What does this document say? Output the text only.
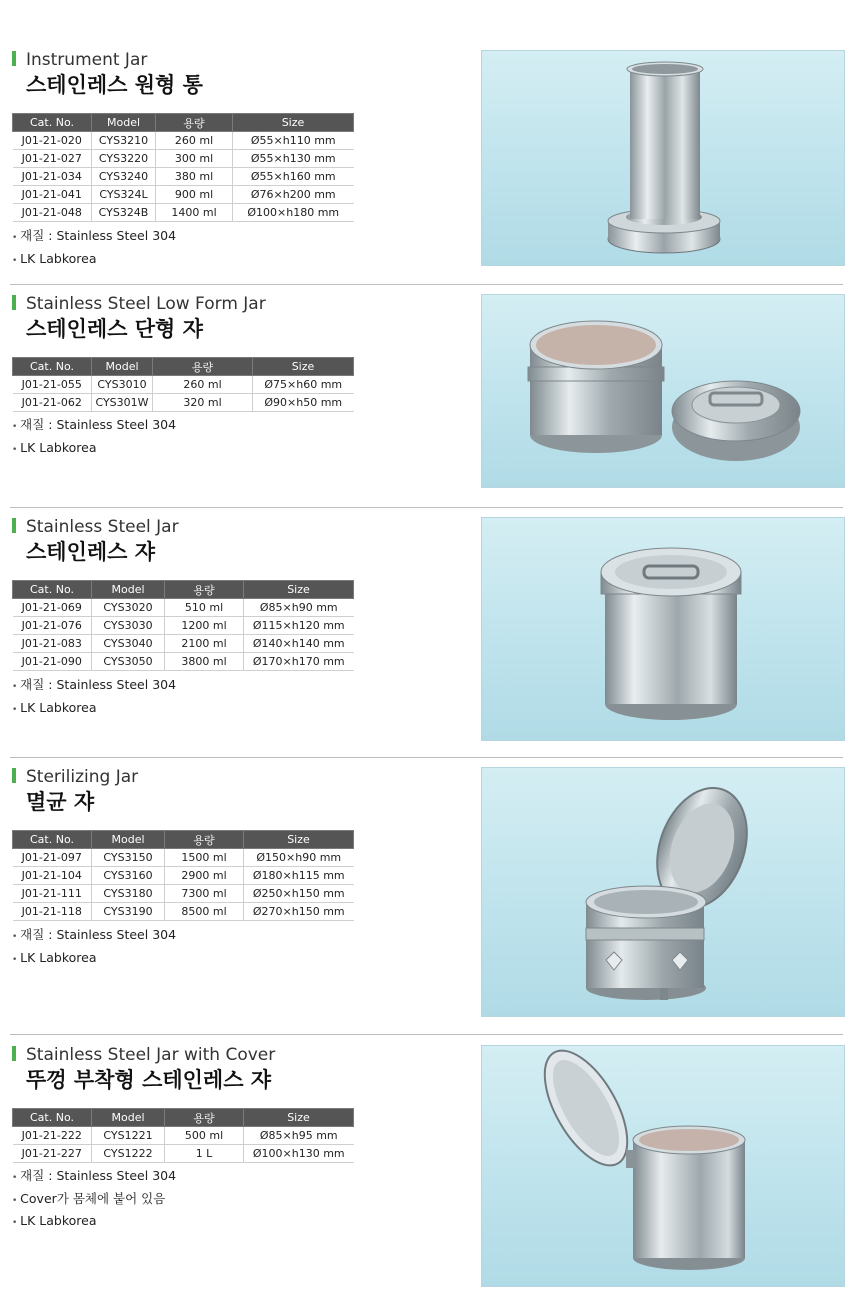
Instrument Jar
스테인레스 원형 통
Cat. No.	Model	용량	Size
J01-21-020	CYS3210	260 ml	Ø55×h110 mm
J01-21-027	CYS3220	300 ml	Ø55×h130 mm
J01-21-034	CYS3240	380 ml	Ø55×h160 mm
J01-21-041	CYS324L	900 ml	Ø76×h200 mm
J01-21-048	CYS324B	1400 ml	Ø100×h180 mm
• 재질 : Stainless Steel 304
• LK Labkorea
Stainless Steel Low Form Jar
스테인레스 단형 쟈
Cat. No.	Model	용량	Size
J01-21-055	CYS3010	260 ml	Ø75×h60 mm
J01-21-062	CYS301W	320 ml	Ø90×h50 mm
• 재질 : Stainless Steel 304
• LK Labkorea
Stainless Steel Jar
스테인레스 쟈
Cat. No.	Model	용량	Size
J01-21-069	CYS3020	510 ml	Ø85×h90 mm
J01-21-076	CYS3030	1200 ml	Ø115×h120 mm
J01-21-083	CYS3040	2100 ml	Ø140×h140 mm
J01-21-090	CYS3050	3800 ml	Ø170×h170 mm
• 재질 : Stainless Steel 304
• LK Labkorea
Sterilizing Jar
멸균 쟈
Cat. No.	Model	용량	Size
J01-21-097	CYS3150	1500 ml	Ø150×h90 mm
J01-21-104	CYS3160	2900 ml	Ø180×h115 mm
J01-21-111	CYS3180	7300 ml	Ø250×h150 mm
J01-21-118	CYS3190	8500 ml	Ø270×h150 mm
• 재질 : Stainless Steel 304
• LK Labkorea
Stainless Steel Jar with Cover
뚜껑 부착형 스테인레스 쟈
Cat. No.	Model	용량	Size
J01-21-222	CYS1221	500 ml	Ø85×h95 mm
J01-21-227	CYS1222	1 L	Ø100×h130 mm
• 재질 : Stainless Steel 304
• Cover가 몸체에 붙어 있음
• LK Labkorea
